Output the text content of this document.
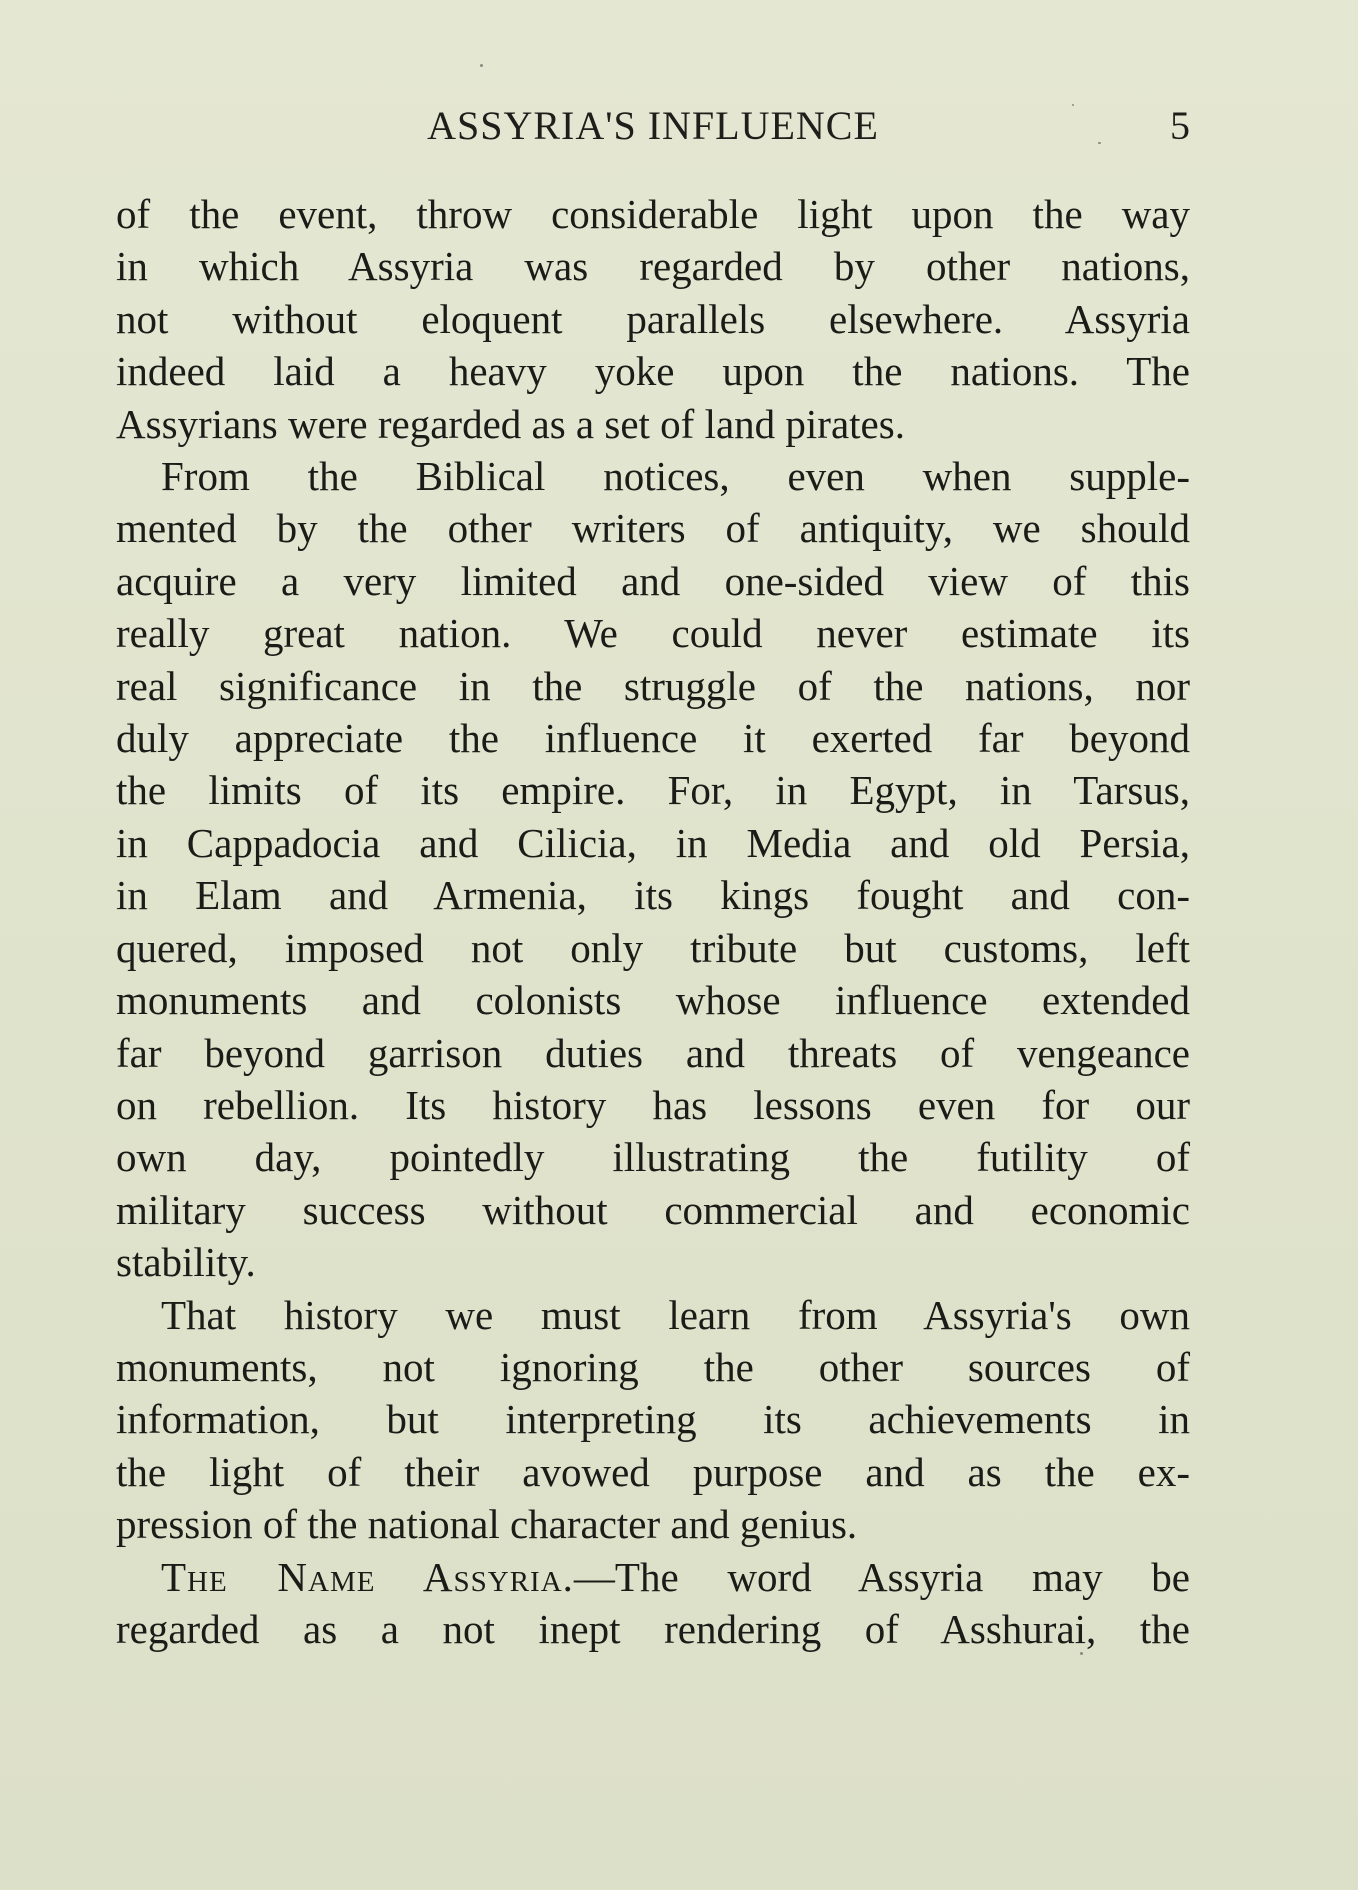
ASSYRIA'S INFLUENCE	5
of the event, throw considerable light upon the way
in which Assyria was regarded by other nations,
not without eloquent parallels elsewhere. Assyria
indeed laid a heavy yoke upon the nations. The
Assyrians were regarded as a set of land pirates.
From the Biblical notices, even when supple-
mented by the other writers of antiquity, we should
acquire a very limited and one-sided view of this
really great nation. We could never estimate its
real significance in the struggle of the nations, nor
duly appreciate the influence it exerted far beyond
the limits of its empire. For, in Egypt, in Tarsus,
in Cappadocia and Cilicia, in Media and old Persia,
in Elam and Armenia, its kings fought and con-
quered, imposed not only tribute but customs, left
monuments and colonists whose influence extended
far beyond garrison duties and threats of vengeance
on rebellion. Its history has lessons even for our
own day, pointedly illustrating the futility of
military success without commercial and economic
stability.
That history we must learn from Assyria's own
monuments, not ignoring the other sources of
information, but interpreting its achievements in
the light of their avowed purpose and as the ex-
pression of the national character and genius.
The Name Assyria.—The word Assyria may be
regarded as a not inept rendering of Asshurai, the
